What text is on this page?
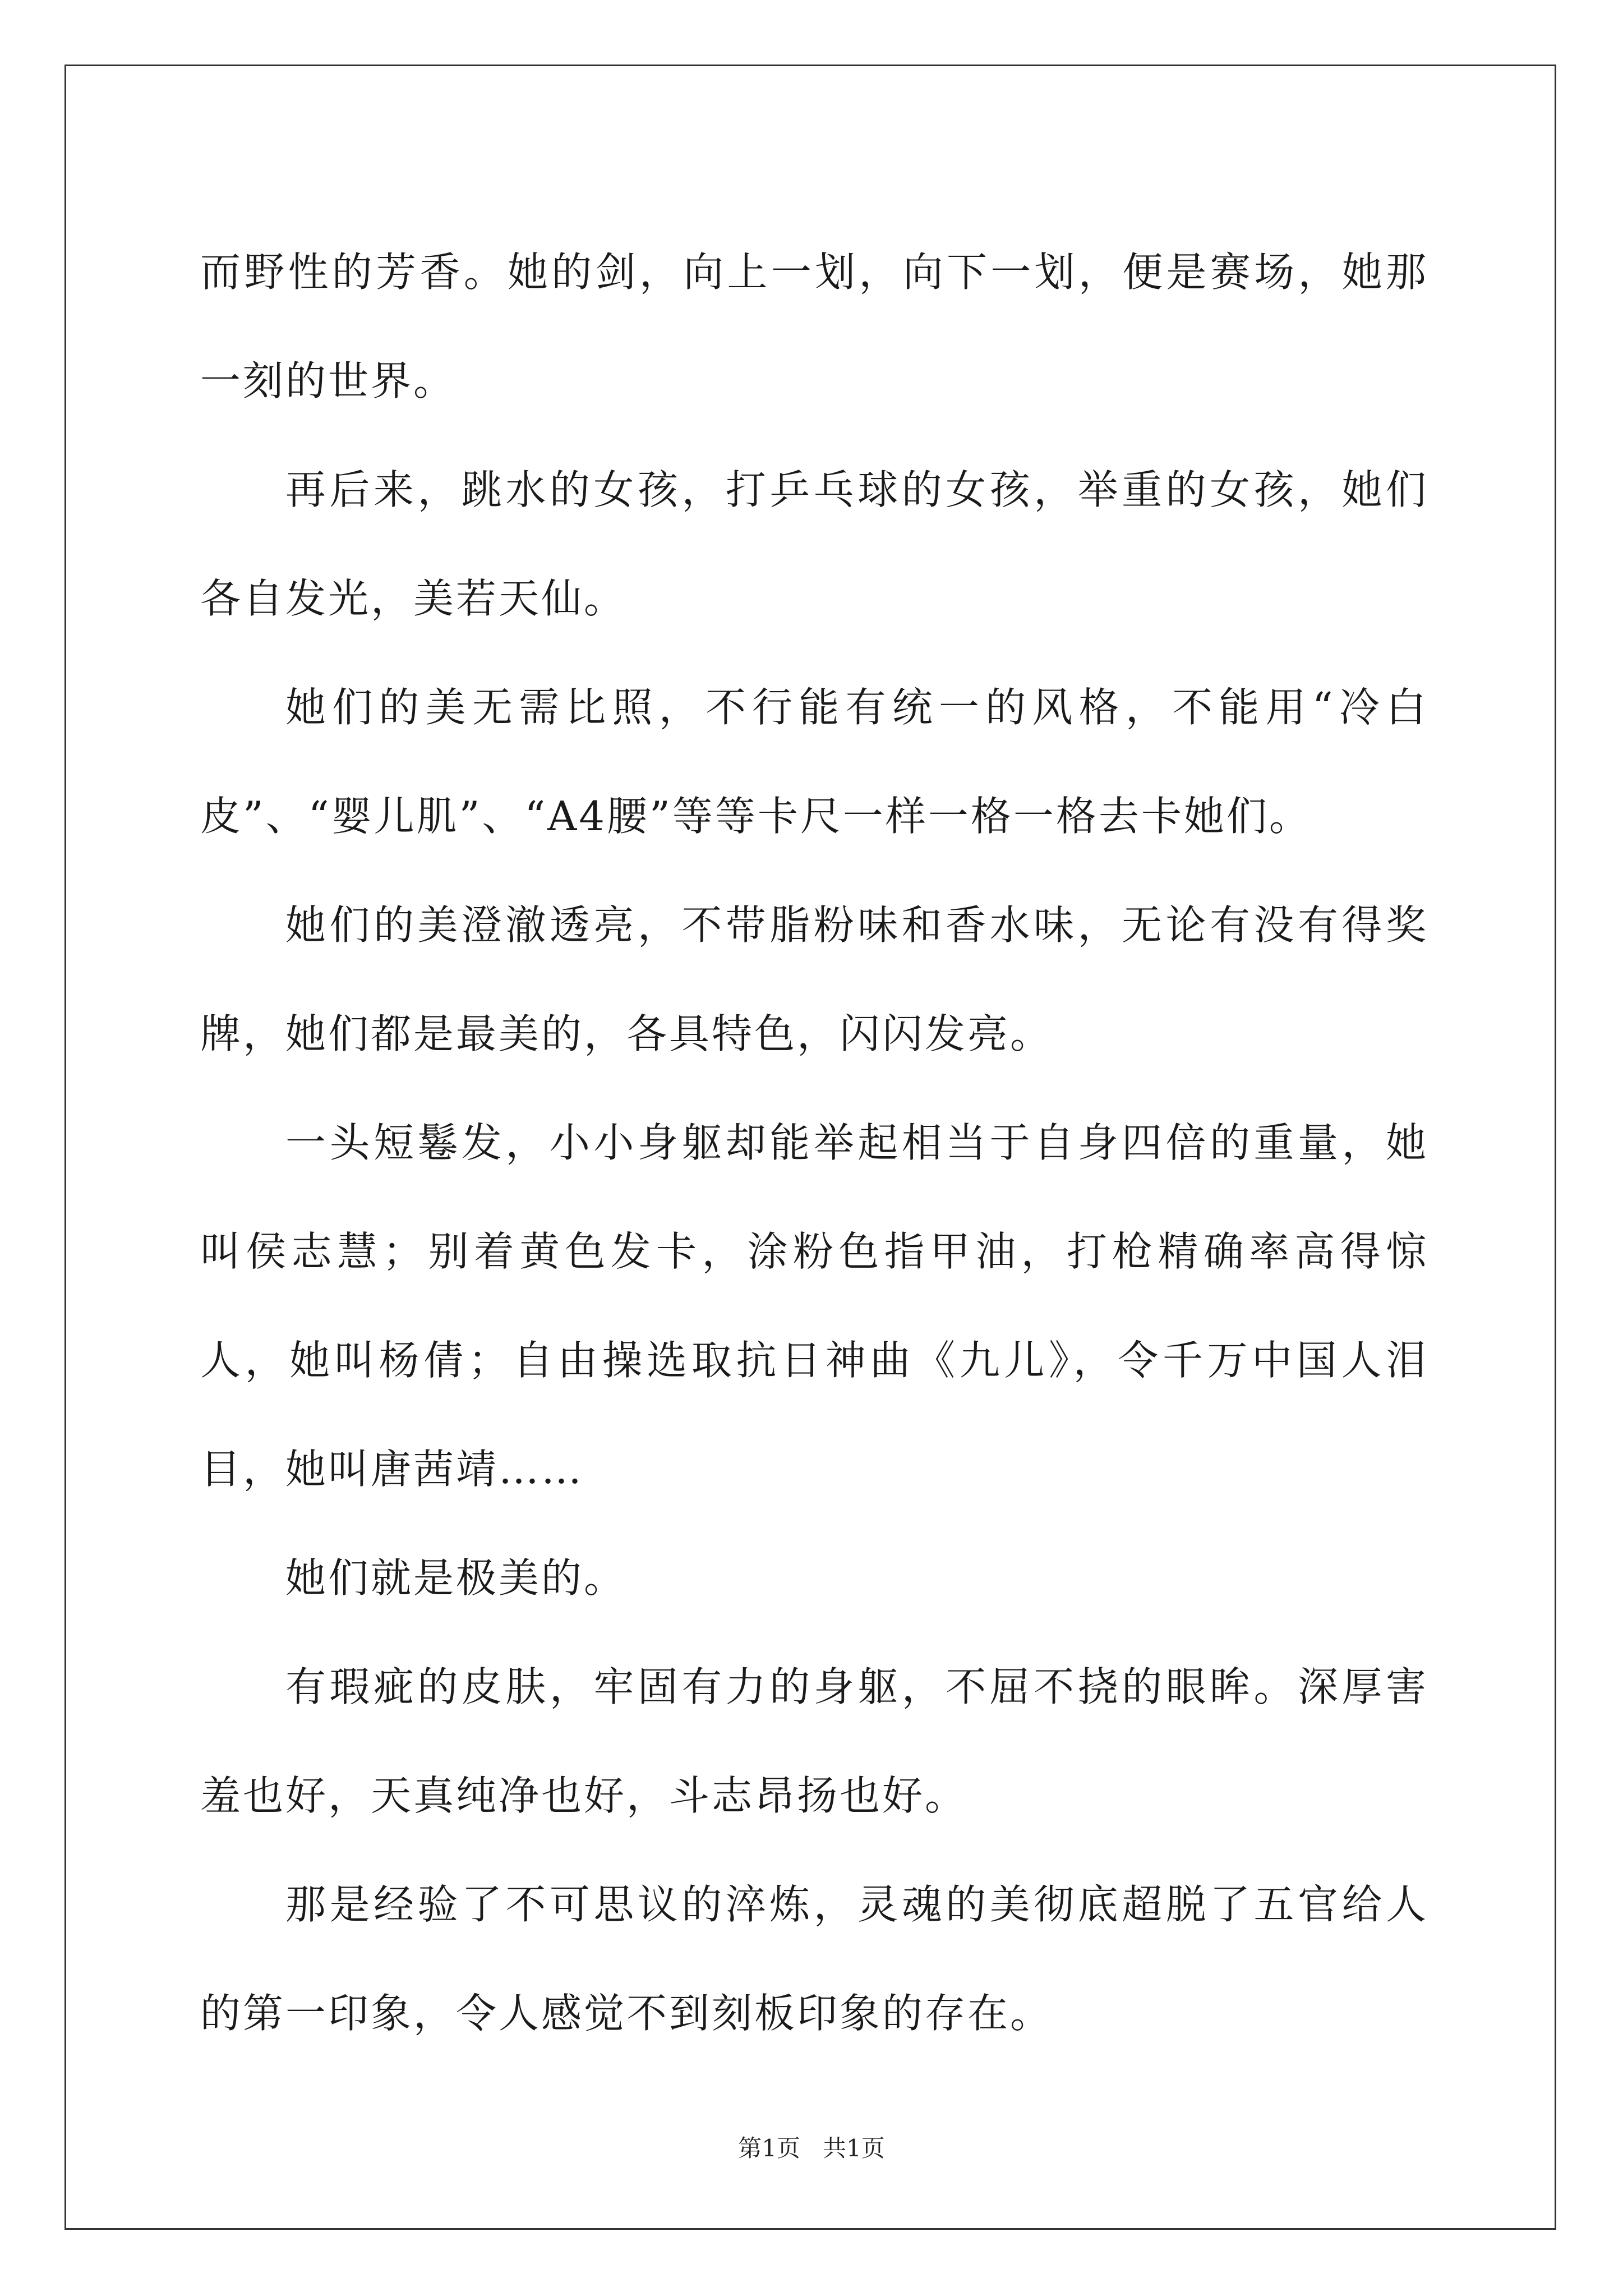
而野性的芳香。她的剑，向上一划，向下一划，便是赛场，她那一刻的世界。

再后来，跳水的女孩，打乒乓球的女孩，举重的女孩，她们各自发光，美若天仙。

她们的美无需比照，不行能有统一的风格，不能用“冷白皮”、“婴儿肌”、“A4腰”等等卡尺一样一格一格去卡她们。

她们的美澄澈透亮，不带脂粉味和香水味，无论有没有得奖牌，她们都是最美的，各具特色，闪闪发亮。

一头短鬈发，小小身躯却能举起相当于自身四倍的重量，她叫侯志慧；别着黄色发卡，涂粉色指甲油，打枪精确率高得惊人，她叫杨倩；自由操选取抗日神曲《九儿》，令千万中国人泪目，她叫唐茜靖……

她们就是极美的。

有瑕疵的皮肤，牢固有力的身躯，不屈不挠的眼眸。深厚害羞也好，天真纯净也好，斗志昂扬也好。

那是经验了不可思议的淬炼，灵魂的美彻底超脱了五官给人的第一印象，令人感觉不到刻板印象的存在。

第1页 共1页
